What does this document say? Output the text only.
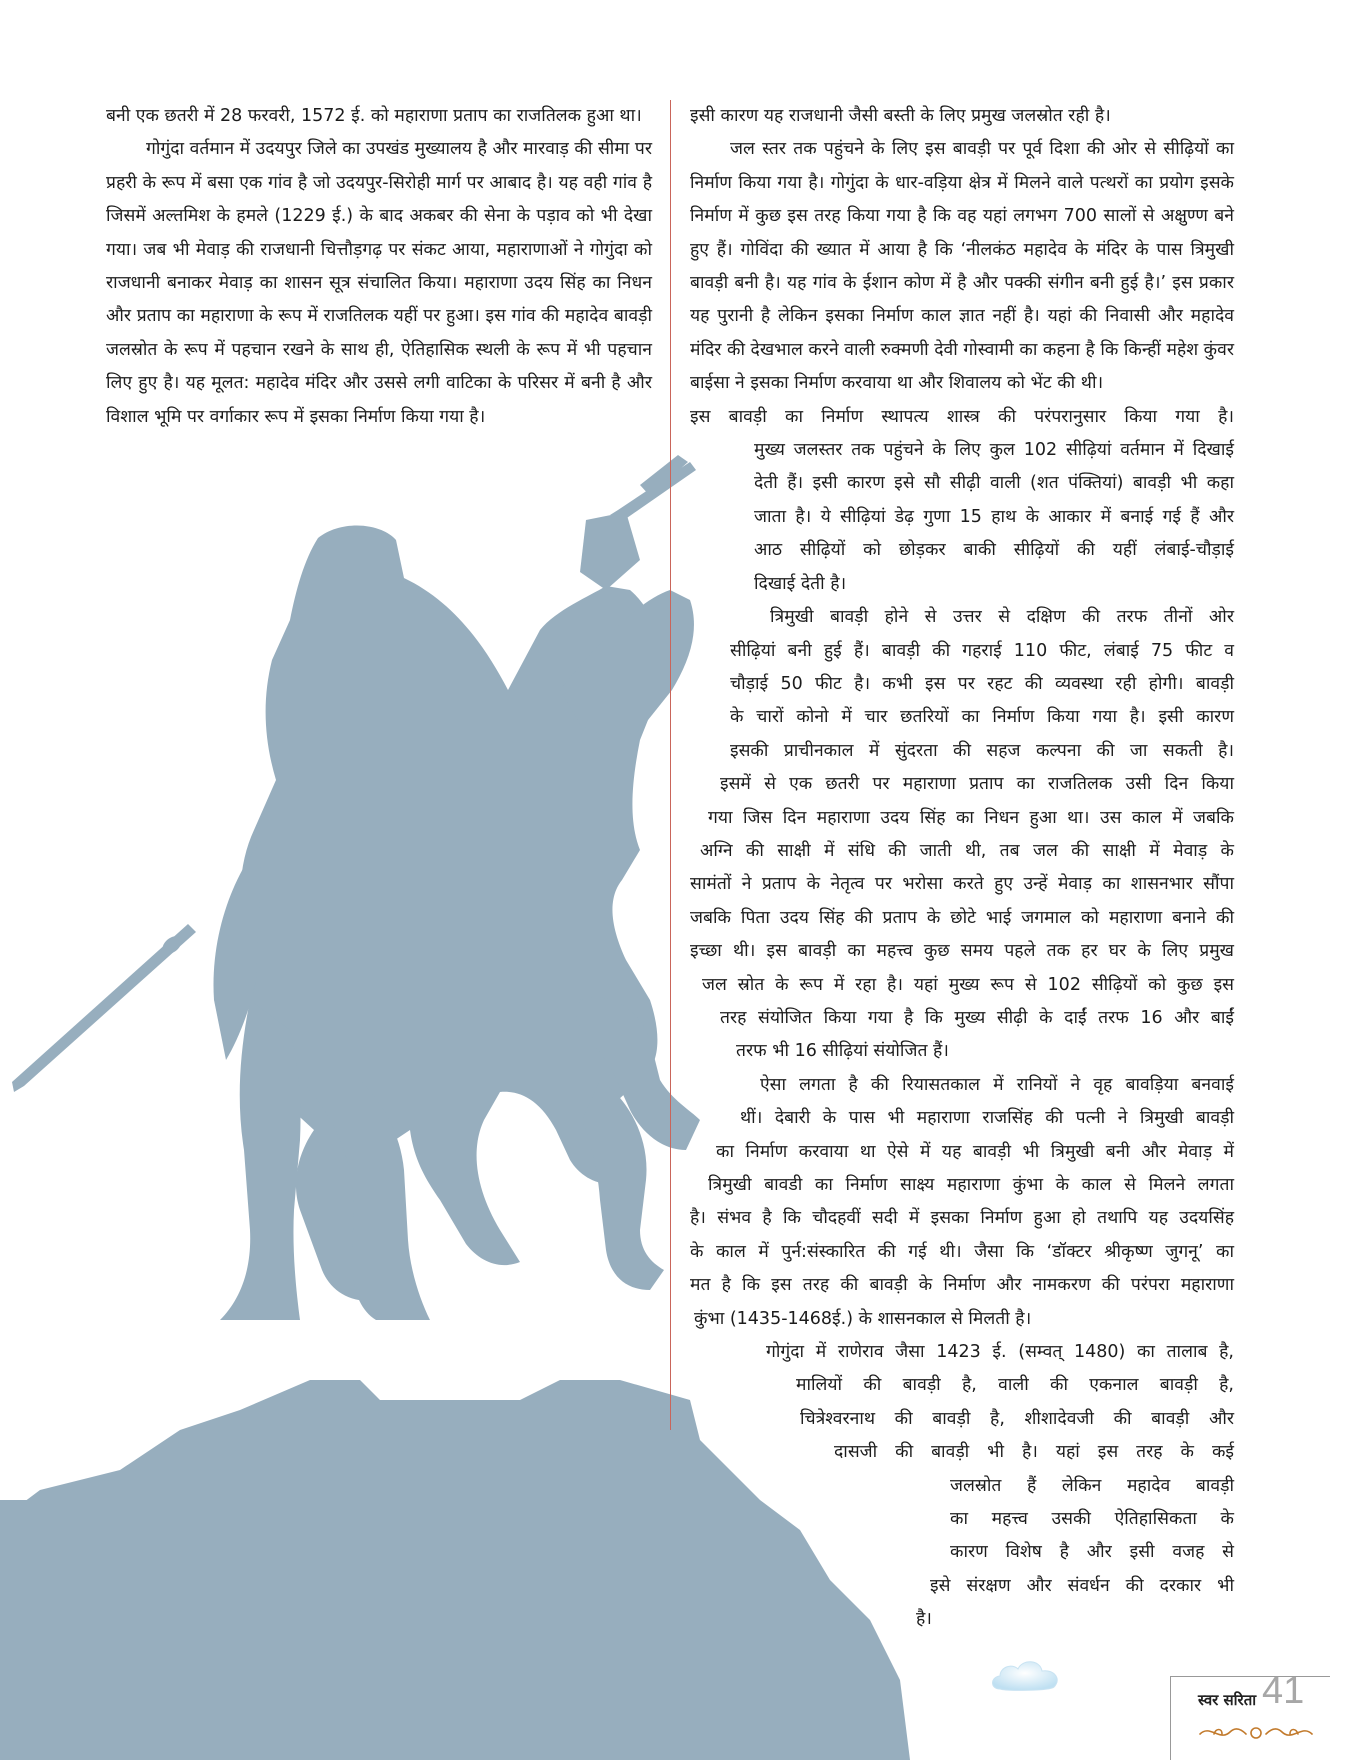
बनी एक छतरी में 28 फरवरी, 1572 ई. को महाराणा प्रताप का राजतिलक हुआ था।

गोगुंदा वर्तमान में उदयपुर जिले का उपखंड मुख्यालय है और मारवाड़ की सीमा पर प्रहरी के रूप में बसा एक गांव है जो उदयपुर-सिरोही मार्ग पर आबाद है। यह वही गांव है जिसमें अल्तमिश के हमले (1229 ई.) के बाद अकबर की सेना के पड़ाव को भी देखा गया। जब भी मेवाड़ की राजधानी चित्तौड़गढ़ पर संकट आया, महाराणाओं ने गोगुंदा को राजधानी बनाकर मेवाड़ का शासन सूत्र संचालित किया। महाराणा उदय सिंह का निधन और प्रताप का महाराणा के रूप में राजतिलक यहीं पर हुआ। इस गांव की महादेव बावड़ी जलस्रोत के रूप में पहचान रखने के साथ ही, ऐतिहासिक स्थली के रूप में भी पहचान लिए हुए है। यह मूलत: महादेव मंदिर और उससे लगी वाटिका के परिसर में बनी है और विशाल भूमि पर वर्गाकार रूप में इसका निर्माण किया गया है।

इसी कारण यह राजधानी जैसी बस्ती के लिए प्रमुख जलस्रोत रही है।

जल स्तर तक पहुंचने के लिए इस बावड़ी पर पूर्व दिशा की ओर से सीढ़ियों का निर्माण किया गया है। गोगुंदा के धार-वड़िया क्षेत्र में मिलने वाले पत्थरों का प्रयोग इसके निर्माण में कुछ इस तरह किया गया है कि वह यहां लगभग 700 सालों से अक्षुण्ण बने हुए हैं। गोविंदा की ख्यात में आया है कि ‘नीलकंठ महादेव के मंदिर के पास त्रिमुखी बावड़ी बनी है। यह गांव के ईशान कोण में है और पक्की संगीन बनी हुई है।’ इस प्रकार यह पुरानी है लेकिन इसका निर्माण काल ज्ञात नहीं है। यहां की निवासी और महादेव मंदिर की देखभाल करने वाली रुक्मणी देवी गोस्वामी का कहना है कि किन्हीं महेश कुंवर बाईसा ने इसका निर्माण करवाया था और शिवालय को भेंट की थी।

इस बावड़ी का निर्माण स्थापत्य शास्त्र की परंपरानुसार किया गया है।
मुख्य जलस्तर तक पहुंचने के लिए कुल 102 सीढ़ियां वर्तमान में दिखाई
देती हैं। इसी कारण इसे सौ सीढ़ी वाली (शत पंक्तियां) बावड़ी भी कहा
जाता है। ये सीढ़ियां डेढ़ गुणा 15 हाथ के आकार में बनाई गई हैं और
आठ सीढ़ियों को छोड़कर बाकी सीढ़ियों की यहीं लंबाई-चौड़ाई
दिखाई देती है।
त्रिमुखी बावड़ी होने से उत्तर से दक्षिण की तरफ तीनों ओर
सीढ़ियां बनी हुई हैं। बावड़ी की गहराई 110 फीट, लंबाई 75 फीट व
चौड़ाई 50 फीट है। कभी इस पर रहट की व्यवस्था रही होगी। बावड़ी
के चारों कोनो में चार छतरियों का निर्माण किया गया है। इसी कारण
इसकी प्राचीनकाल में सुंदरता की सहज कल्पना की जा सकती है।
इसमें से एक छतरी पर महाराणा प्रताप का राजतिलक उसी दिन किया
गया जिस दिन महाराणा उदय सिंह का निधन हुआ था। उस काल में जबकि
अग्नि की साक्षी में संधि की जाती थी, तब जल की साक्षी में मेवाड़ के
सामंतों ने प्रताप के नेतृत्व पर भरोसा करते हुए उन्हें मेवाड़ का शासनभार सौंपा
जबकि पिता उदय सिंह की प्रताप के छोटे भाई जगमाल को महाराणा बनाने की
इच्छा थी। इस बावड़ी का महत्त्व कुछ समय पहले तक हर घर के लिए प्रमुख
जल स्रोत के रूप में रहा है। यहां मुख्य रूप से 102 सीढ़ियों को कुछ इस
तरह संयोजित किया गया है कि मुख्य सीढ़ी के दाईं तरफ 16 और बाईं
तरफ भी 16 सीढ़ियां संयोजित हैं।
ऐसा लगता है की रियासतकाल में रानियों ने वृह बावड़िया बनवाई
थीं। देबारी के पास भी महाराणा राजसिंह की पत्नी ने त्रिमुखी बावड़ी
का निर्माण करवाया था ऐसे में यह बावड़ी भी त्रिमुखी बनी और मेवाड़ में
त्रिमुखी बावडी का निर्माण साक्ष्य महाराणा कुंभा के काल से मिलने लगता
है। संभव है कि चौदहवीं सदी में इसका निर्माण हुआ हो तथापि यह उदयसिंह
के काल में पुर्न:संस्कारित की गई थी। जैसा कि ‘डॉक्टर श्रीकृष्ण जुगनू’ का
मत है कि इस तरह की बावड़ी के निर्माण और नामकरण की परंपरा महाराणा
कुंभा (1435-1468ई.) के शासनकाल से मिलती है।
गोगुंदा में राणेराव जैसा 1423 ई. (सम्वत् 1480) का तालाब है,
मालियों की बावड़ी है, वाली की एकनाल बावड़ी है,
चित्रेश्वरनाथ की बावड़ी है, शीशादेवजी की बावड़ी और
दासजी की बावड़ी भी है। यहां इस तरह के कई
जलस्रोत हैं लेकिन महादेव बावड़ी
का महत्त्व उसकी ऐतिहासिकता के
कारण विशेष है और इसी वजह से
इसे संरक्षण और संवर्धन की दरकार भी
है।
स्वर सरिता 41
